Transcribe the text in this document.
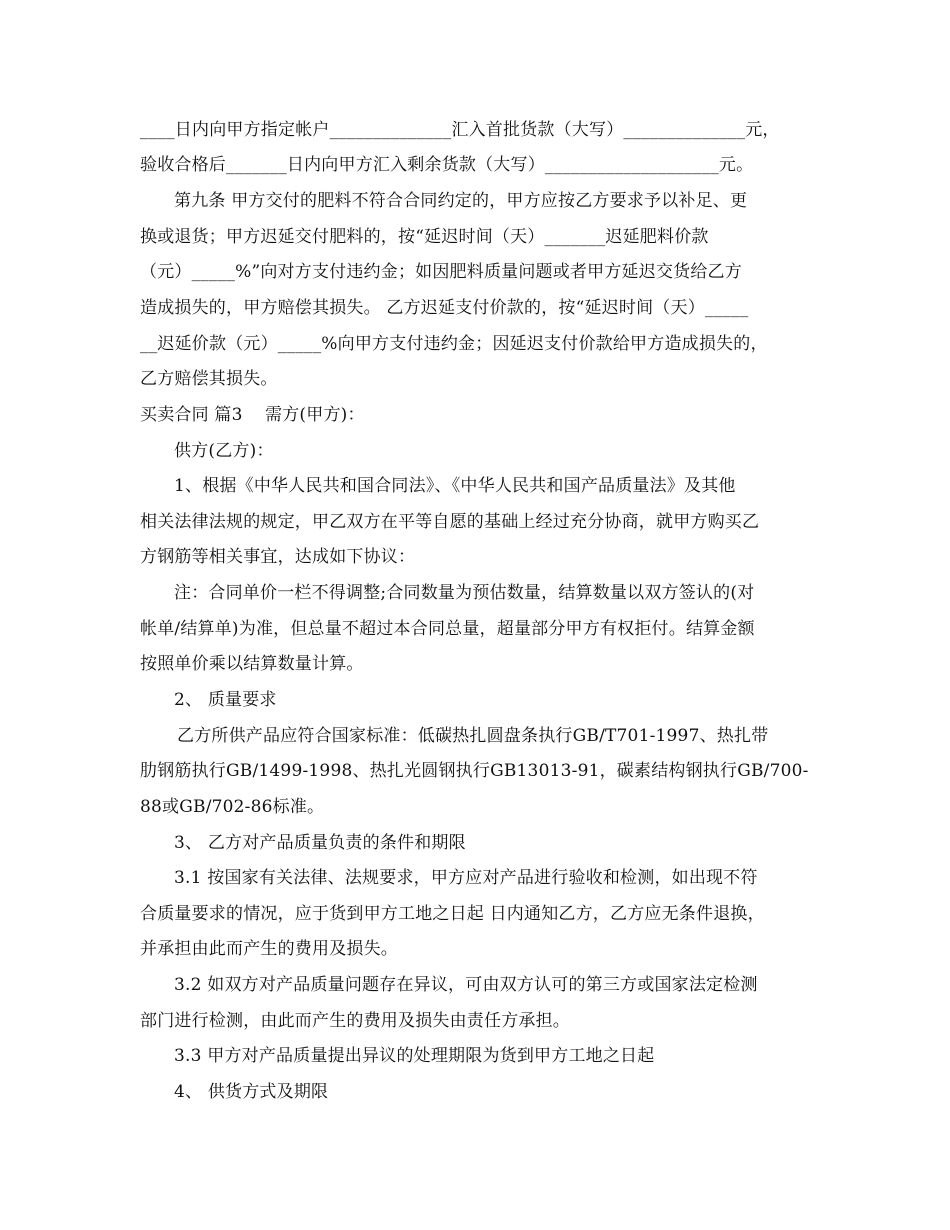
____日内向甲方指定帐户______________汇入首批货款（大写）______________元，
验收合格后_______日内向甲方汇入剩余货款（大写）____________________元。
第九条 甲方交付的肥料不符合合同约定的，甲方应按乙方要求予以补足、更
换或退货；甲方迟延交付肥料的，按“延迟时间（天）_______迟延肥料价款
（元）_____%”向对方支付违约金；如因肥料质量问题或者甲方延迟交货给乙方
造成损失的，甲方赔偿其损失。 乙方迟延支付价款的，按“延迟时间（天）_____
__迟延价款（元）_____%向甲方支付违约金；因延迟支付价款给甲方造成损失的，
乙方赔偿其损失。
买卖合同 篇3    需方(甲方)：
供方(乙方)：
1、根据《中华人民共和国合同法》、《中华人民共和国产品质量法》及其他
相关法律法规的规定，甲乙双方在平等自愿的基础上经过充分协商，就甲方购买乙
方钢筋等相关事宜，达成如下协议：
注：合同单价一栏不得调整;合同数量为预估数量，结算数量以双方签认的(对
帐单/结算单)为准，但总量不超过本合同总量，超量部分甲方有权拒付。结算金额
按照单价乘以结算数量计算。
2、 质量要求
乙方所供产品应符合国家标准：低碳热扎圆盘条执行GB/T701-1997、热扎带
肋钢筋执行GB/1499-1998、热扎光圆钢执行GB13013-91，碳素结构钢执行GB/700-
88或GB/702-86标准。
3、 乙方对产品质量负责的条件和期限
3.1 按国家有关法律、法规要求，甲方应对产品进行验收和检测，如出现不符
合质量要求的情况，应于货到甲方工地之日起 日内通知乙方，乙方应无条件退换，
并承担由此而产生的费用及损失。
3.2 如双方对产品质量问题存在异议，可由双方认可的第三方或国家法定检测
部门进行检测，由此而产生的费用及损失由责任方承担。
3.3 甲方对产品质量提出异议的处理期限为货到甲方工地之日起
4、 供货方式及期限
